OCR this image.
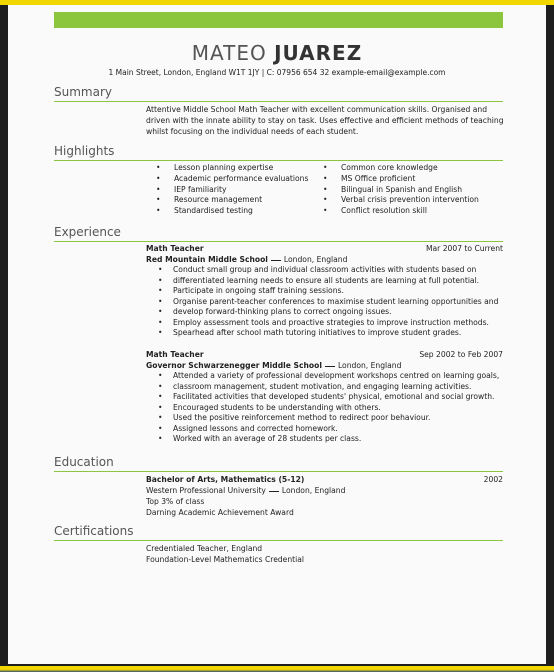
MATEO JUAREZ
1 Main Street, London, England W1T 1JY | C: 07956 654 32 example-email@example.com
Summary
Attentive Middle School Math Teacher with excellent communication skills. Organised and
driven with the innate ability to stay on task. Uses effective and efficient methods of teaching
whilst focusing on the individual needs of each student.
Highlights
• Lesson planning expertise
• Academic performance evaluations
• IEP familiarity
• Resource management
• Standardised testing
• Common core knowledge
• MS Office proficient
• Bilingual in Spanish and English
• Verbal crisis prevention intervention
• Conflict resolution skill
Experience
Math Teacher	Mar 2007 to Current
Red Mountain Middle School London, England
• Conduct small group and individual classroom activities with students based on
• differentiated learning needs to ensure all students are learning at full potential.
• Participate in ongoing staff training sessions.
• Organise parent-teacher conferences to maximise student learning opportunities and
• develop forward-thinking plans to correct ongoing issues.
• Employ assessment tools and proactive strategies to improve instruction methods.
• Spearhead after school math tutoring initiatives to improve student grades.
Math Teacher	Sep 2002 to Feb 2007
Governor Schwarzenegger Middle School London, England
• Attended a variety of professional development workshops centred on learning goals,
• classroom management, student motivation, and engaging learning activities.
• Facilitated activities that developed students' physical, emotional and social growth.
• Encouraged students to be understanding with others.
• Used the positive reinforcement method to redirect poor behaviour.
• Assigned lessons and corrected homework.
• Worked with an average of 28 students per class.
Education
Bachelor of Arts, Mathematics (5-12)	2002
Western Professional University London, England
Top 3% of class
Darning Academic Achievement Award
Certifications
Credentialed Teacher, England
Foundation-Level Mathematics Credential
